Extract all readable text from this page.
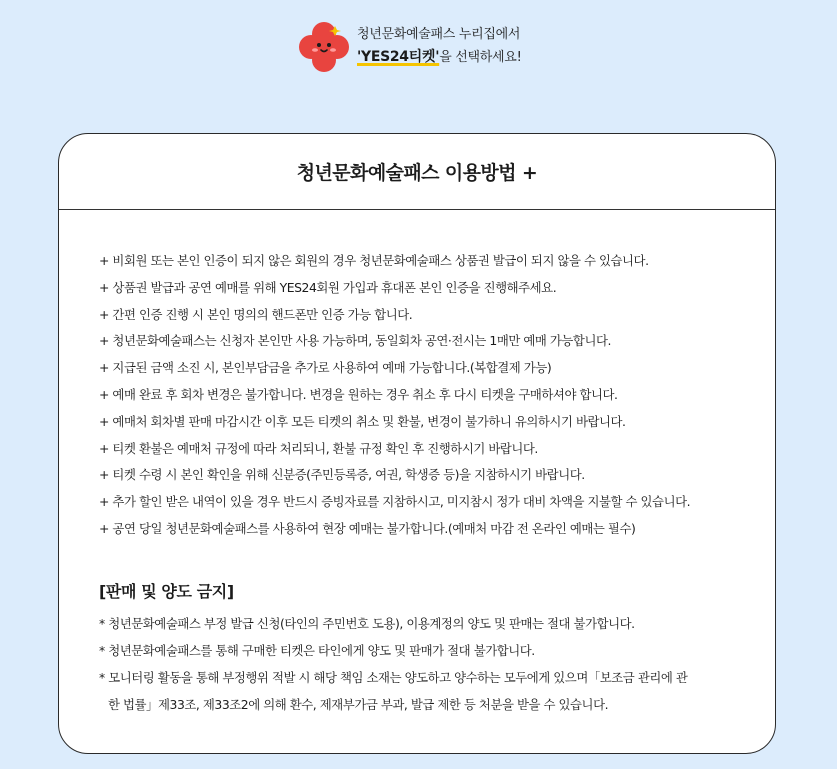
청년문화예술패스 누리집에서
'YES24티켓'을 선택하세요!
청년문화예술패스 이용방법 +
+ 비회원 또는 본인 인증이 되지 않은 회원의 경우 청년문화예술패스 상품권 발급이 되지 않을 수 있습니다.
+ 상품권 발급과 공연 예매를 위해 YES24회원 가입과 휴대폰 본인 인증을 진행해주세요.
+ 간편 인증 진행 시 본인 명의의 핸드폰만 인증 가능 합니다.
+ 청년문화예술패스는 신청자 본인만 사용 가능하며, 동일회차 공연·전시는 1매만 예매 가능합니다.
+ 지급된 금액 소진 시, 본인부담금을 추가로 사용하여 예매 가능합니다.(복합결제 가능)
+ 예매 완료 후 회차 변경은 불가합니다. 변경을 원하는 경우 취소 후 다시 티켓을 구매하셔야 합니다.
+ 예매처 회차별 판매 마감시간 이후 모든 티켓의 취소 및 환불, 변경이 불가하니 유의하시기 바랍니다.
+ 티켓 환불은 예매처 규정에 따라 처리되니, 환불 규정 확인 후 진행하시기 바랍니다.
+ 티켓 수령 시 본인 확인을 위해 신분증(주민등록증, 여권, 학생증 등)을 지참하시기 바랍니다.
+ 추가 할인 받은 내역이 있을 경우 반드시 증빙자료를 지참하시고, 미지참시 정가 대비 차액을 지불할 수 있습니다.
+ 공연 당일 청년문화예술패스를 사용하여 현장 예매는 불가합니다.(예매처 마감 전 온라인 예매는 필수)
[판매 및 양도 금지]
* 청년문화예술패스 부정 발급 신청(타인의 주민번호 도용), 이용계정의 양도 및 판매는 절대 불가합니다.
* 청년문화예술패스를 통해 구매한 티켓은 타인에게 양도 및 판매가 절대 불가합니다.
* 모니터링 활동을 통해 부정행위 적발 시 해당 책임 소재는 양도하고 양수하는 모두에게 있으며「보조금 관리에 관
한 법률」제33조, 제33조2에 의해 환수, 제재부가금 부과, 발급 제한 등 처분을 받을 수 있습니다.
